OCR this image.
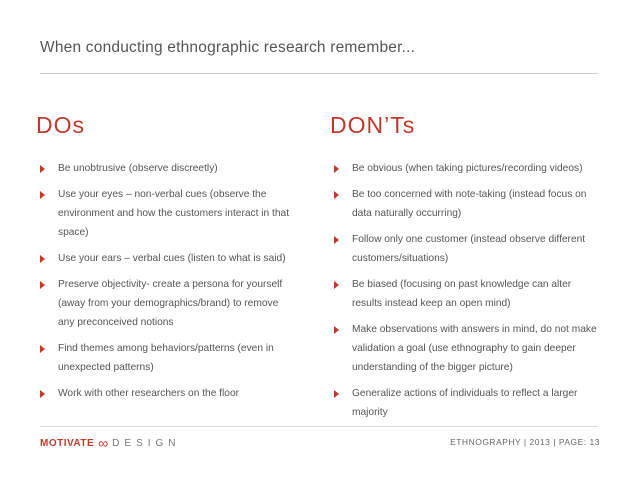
When conducting ethnographic research remember...
DOs
Be unobtrusive (observe discreetly)
Use your eyes – non-verbal cues (observe the environment and how the customers interact in that space)
Use your ears – verbal cues (listen to what is said)
Preserve objectivity- create a persona for yourself (away from your demographics/brand) to remove any preconceived notions
Find themes among behaviors/patterns (even in unexpected patterns)
Work with other researchers on the floor
DON’Ts
Be obvious (when taking pictures/recording videos)
Be too concerned with note-taking (instead focus on data naturally occurring)
Follow only one customer (instead observe different customers/situations)
Be biased (focusing on past knowledge can alter results instead keep an open mind)
Make observations with answers in mind, do not make validation a goal (use ethnography to gain deeper understanding of the bigger picture)
Generalize actions of individuals to reflect a larger majority
MOTIVATE ∞ DESIGN	ETHNOGRAPHY | 2013 | PAGE: 13
